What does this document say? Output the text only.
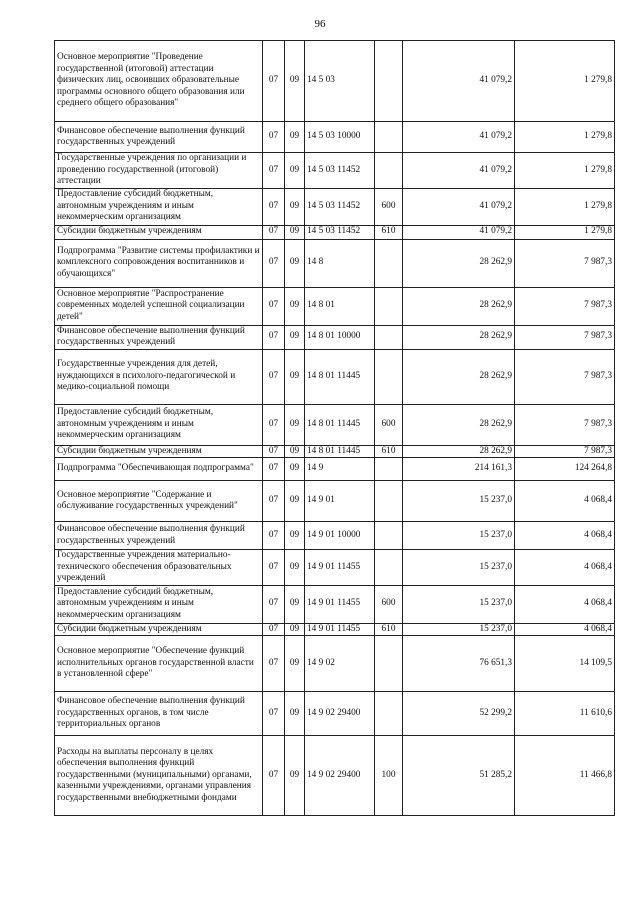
96
Основное мероприятие "Проведение государственной (итоговой) аттестации физических лиц, освоивших образовательные программы основного общего образования или среднего общего образования"	07	09	14 5 03		41 079,2	1 279,8
Финансовое обеспечение выполнения функций государственных учреждений	07	09	14 5 03 10000		41 079,2	1 279,8
Государственные учреждения по организации и проведению государственной (итоговой) аттестации	07	09	14 5 03 11452		41 079,2	1 279,8
Предоставление субсидий бюджетным, автономным учреждениям и иным некоммерческим организациям	07	09	14 5 03 11452	600	41 079,2	1 279,8
Субсидии бюджетным учреждениям	07	09	14 5 03 11452	610	41 079,2	1 279,8
Подпрограмма "Развитие системы профилактики и комплексного сопровождения воспитанников и обучающихся"	07	09	14 8		28 262,9	7 987,3
Основное мероприятие "Распространение современных моделей успешной социализации детей"	07	09	14 8 01		28 262,9	7 987,3
Финансовое обеспечение выполнения функций государственных учреждений	07	09	14 8 01 10000		28 262,9	7 987,3
Государственные учреждения для детей, нуждающихся в психолого-педагогической и медико-социальной помощи	07	09	14 8 01 11445		28 262,9	7 987,3
Предоставление субсидий бюджетным, автономным учреждениям и иным некоммерческим организациям	07	09	14 8 01 11445	600	28 262,9	7 987,3
Субсидии бюджетным учреждениям	07	09	14 8 01 11445	610	28 262,9	7 987,3
Подпрограмма "Обеспечивающая подпрограмма"	07	09	14 9		214 161,3	124 264,8
Основное мероприятие "Содержание и обслуживание государственных учреждений"	07	09	14 9 01		15 237,0	4 068,4
Финансовое обеспечение выполнения функций государственных учреждений	07	09	14 9 01 10000		15 237,0	4 068,4
Государственные учреждения материально-технического обеспечения образовательных учреждений	07	09	14 9 01 11455		15 237,0	4 068,4
Предоставление субсидий бюджетным, автономным учреждениям и иным некоммерческим организациям	07	09	14 9 01 11455	600	15 237,0	4 068,4
Субсидии бюджетным учреждениям	07	09	14 9 01 11455	610	15 237,0	4 068,4
Основное мероприятие "Обеспечение функций исполнительных органов государственной власти в установленной сфере"	07	09	14 9 02		76 651,3	14 109,5
Финансовое обеспечение выполнения функций государственных органов, в том числе территориальных органов	07	09	14 9 02 29400		52 299,2	11 610,6
Расходы на выплаты персоналу в целях обеспечения выполнения функций государственными (муниципальными) органами, казенными учреждениями, органами управления государственными внебюджетными фондами	07	09	14 9 02 29400	100	51 285,2	11 466,8
